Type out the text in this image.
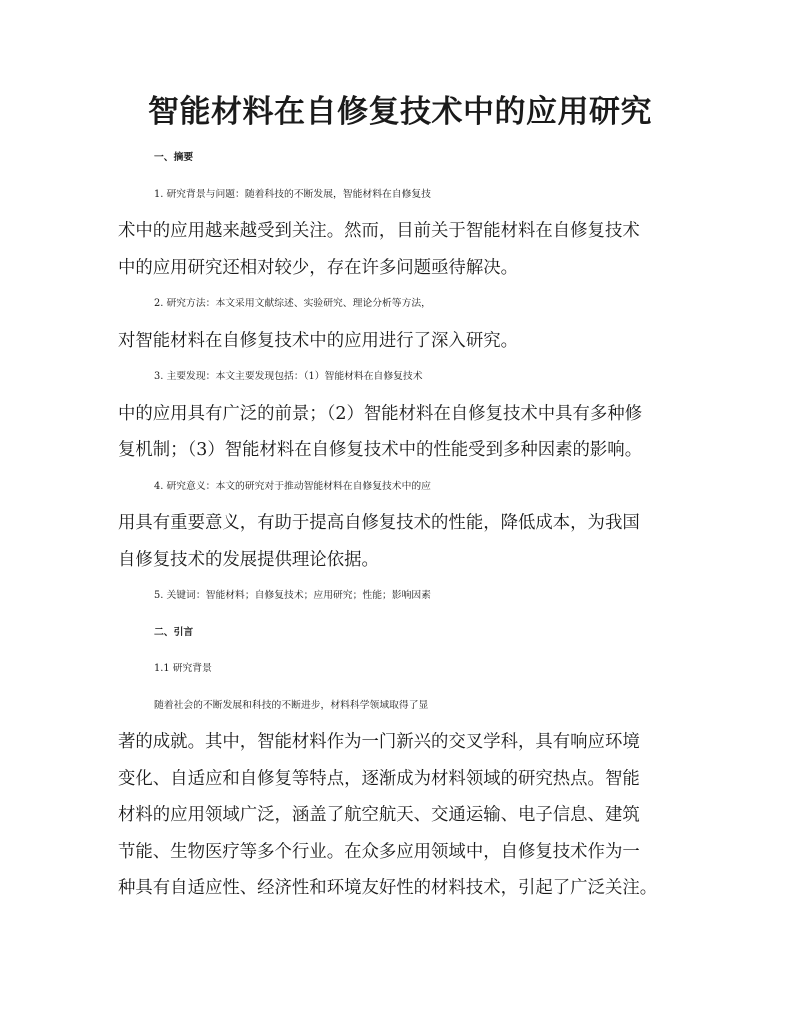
智能材料在自修复技术中的应用研究

一、摘要

1. 研究背景与问题：随着科技的不断发展，智能材料在自修复技

术中的应用越来越受到关注。然而，目前关于智能材料在自修复技术

中的应用研究还相对较少，存在许多问题亟待解决。

2. 研究方法：本文采用文献综述、实验研究、理论分析等方法，

对智能材料在自修复技术中的应用进行了深入研究。

3. 主要发现：本文主要发现包括：（1）智能材料在自修复技术

中的应用具有广泛的前景；（2）智能材料在自修复技术中具有多种修

复机制；（3）智能材料在自修复技术中的性能受到多种因素的影响。

4. 研究意义：本文的研究对于推动智能材料在自修复技术中的应

用具有重要意义，有助于提高自修复技术的性能，降低成本，为我国

自修复技术的发展提供理论依据。

5. 关键词：智能材料；自修复技术；应用研究；性能；影响因素

二、引言

1.1 研究背景

随着社会的不断发展和科技的不断进步，材料科学领域取得了显

著的成就。其中，智能材料作为一门新兴的交叉学科，具有响应环境

变化、自适应和自修复等特点，逐渐成为材料领域的研究热点。智能

材料的应用领域广泛，涵盖了航空航天、交通运输、电子信息、建筑

节能、生物医疗等多个行业。在众多应用领域中，自修复技术作为一

种具有自适应性、经济性和环境友好性的材料技术，引起了广泛关注。
